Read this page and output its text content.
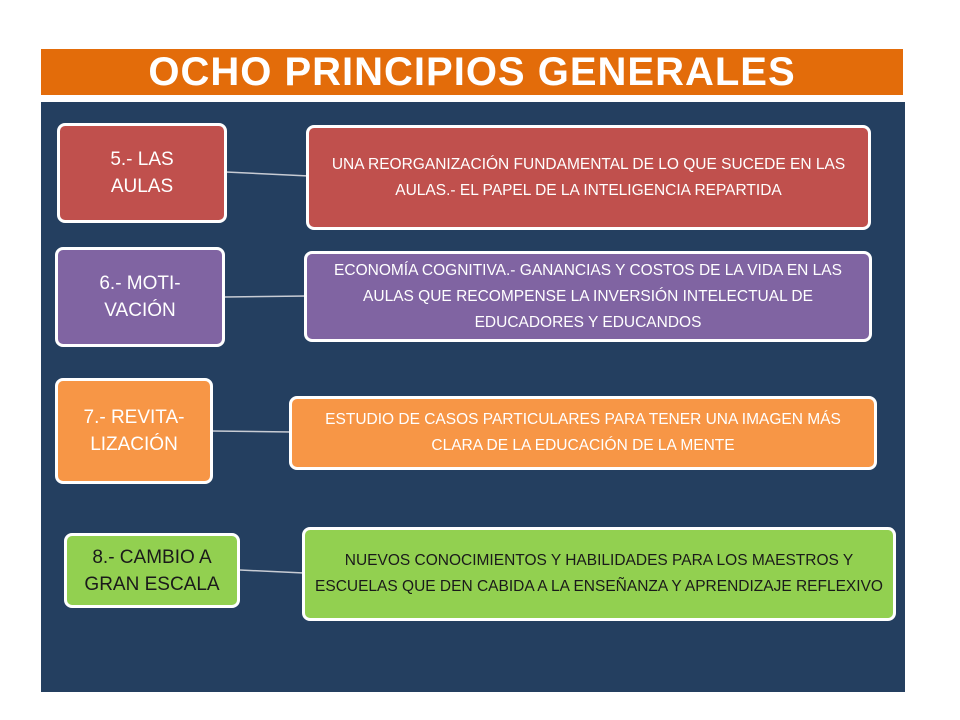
OCHO PRINCIPIOS GENERALES
5.- LAS AULAS
UNA REORGANIZACIÓN FUNDAMENTAL DE LO QUE SUCEDE EN LAS AULAS.- EL PAPEL DE LA INTELIGENCIA REPARTIDA
6.- MOTI-VACIÓN
ECONOMÍA COGNITIVA.- GANANCIAS Y COSTOS DE LA VIDA EN LAS AULAS QUE RECOMPENSE LA INVERSIÓN INTELECTUAL DE EDUCADORES Y EDUCANDOS
7.- REVITA-LIZACIÓN
ESTUDIO DE CASOS PARTICULARES PARA TENER UNA IMAGEN MÁS CLARA DE LA EDUCACIÓN DE LA MENTE
8.- CAMBIO A GRAN ESCALA
NUEVOS CONOCIMIENTOS Y HABILIDADES PARA LOS MAESTROS Y ESCUELAS QUE DEN CABIDA A LA ENSEÑANZA Y APRENDIZAJE REFLEXIVO
